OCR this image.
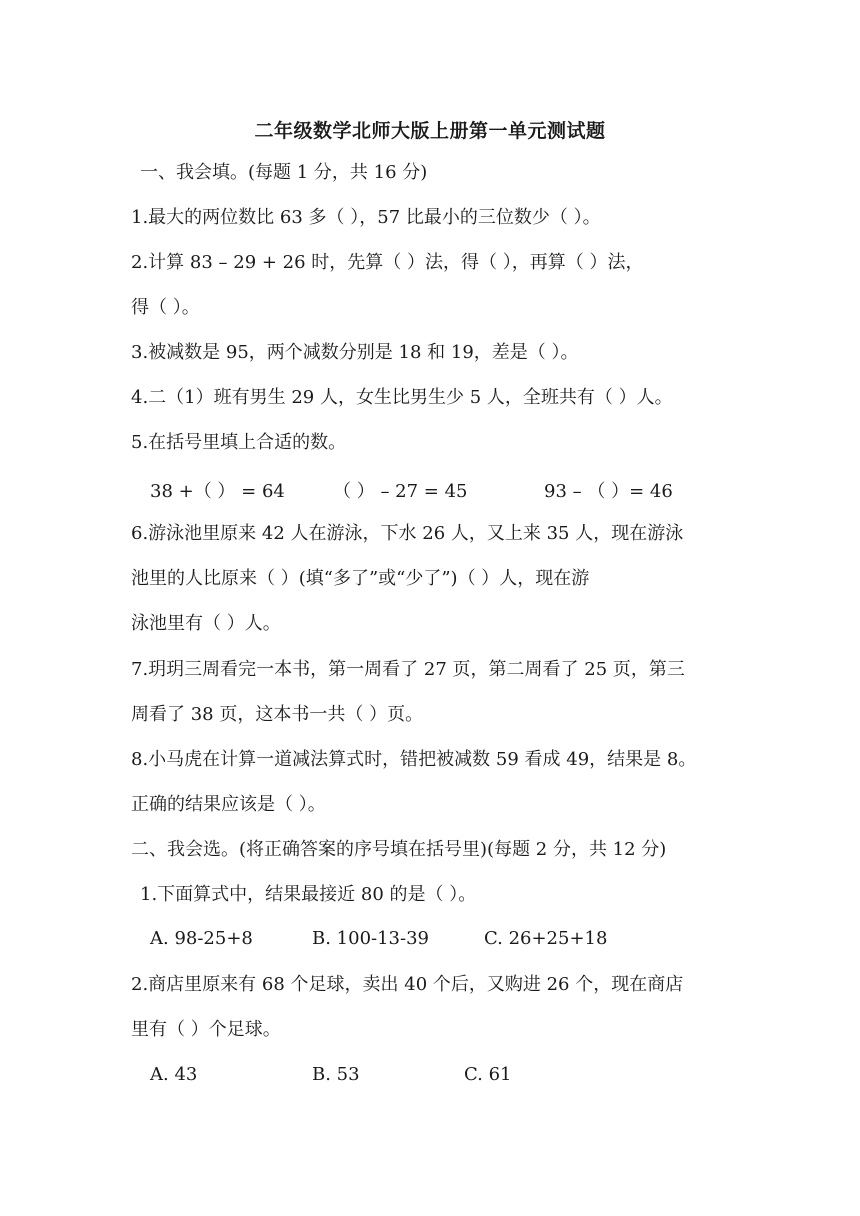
二年级数学北师大版上册第一单元测试题
一、我会填。(每题 1 分，共 16 分)
1.最大的两位数比 63 多（ ），57 比最小的三位数少（ ）。
2.计算 83 – 29 + 26 时，先算（ ）法，得（ ），再算（ ）法，
得（ ）。
3.被减数是 95，两个减数分别是 18 和 19，差是（ ）。
4.二（1）班有男生 29 人，女生比男生少 5 人，全班共有（ ）人。
5.在括号里填上合适的数。
38 +（ ） = 64	（ ） – 27 = 45	93 – （ ）= 46
6.游泳池里原来 42 人在游泳，下水 26 人，又上来 35 人，现在游泳
池里的人比原来（ ）(填“多了”或“少了”)（ ）人，现在游
泳池里有（ ）人。
7.玥玥三周看完一本书，第一周看了 27 页，第二周看了 25 页，第三
周看了 38 页，这本书一共（ ）页。
8.小马虎在计算一道减法算式时，错把被减数 59 看成 49，结果是 8。
正确的结果应该是（ ）。
二、我会选。(将正确答案的序号填在括号里)(每题 2 分，共 12 分)
1.下面算式中，结果最接近 80 的是（ ）。
A. 98-25+8	B. 100-13-39	C. 26+25+18
2.商店里原来有 68 个足球，卖出 40 个后，又购进 26 个，现在商店
里有（ ）个足球。
A. 43	B. 53	C. 61
